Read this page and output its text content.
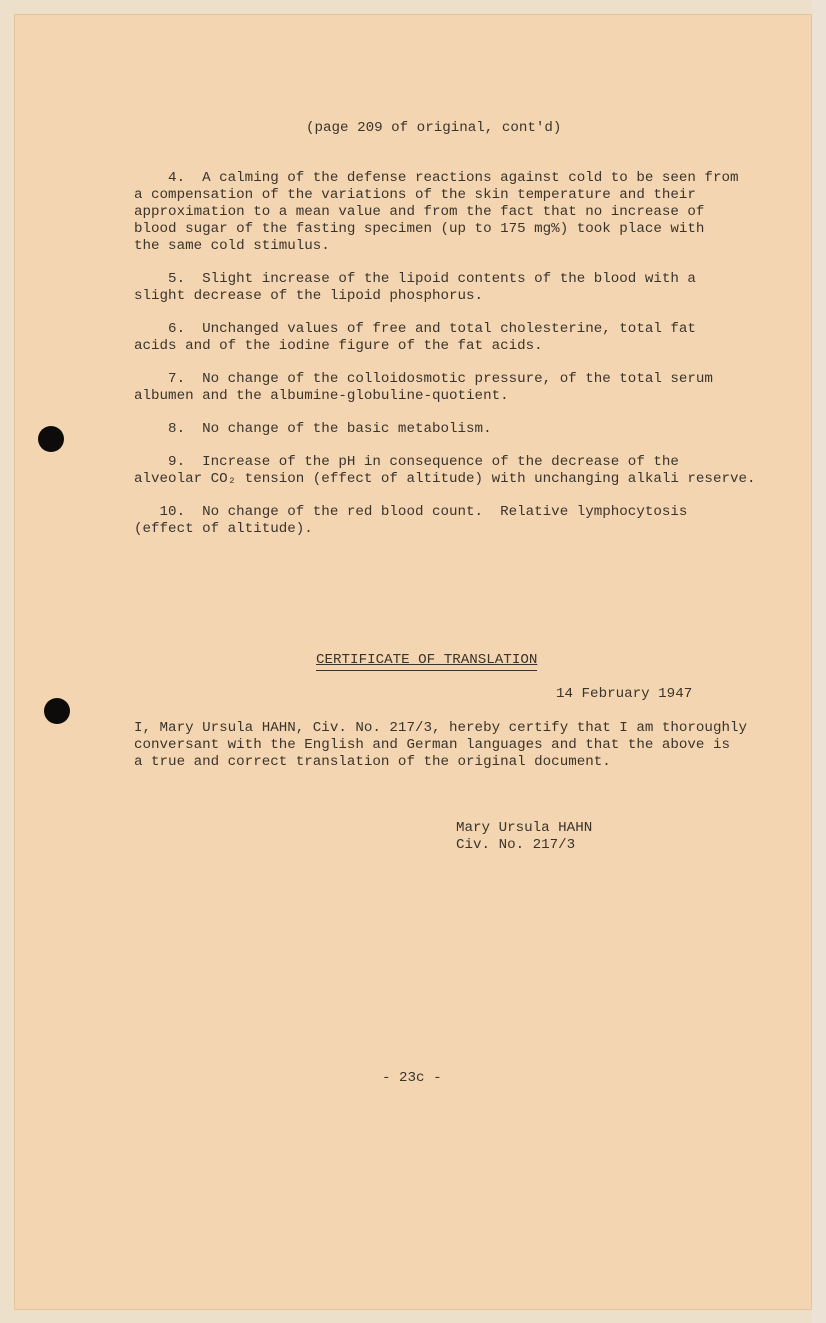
(page 209 of original, cont'd)

4.  A calming of the defense reactions against cold to be seen from
a compensation of the variations of the skin temperature and their
approximation to a mean value and from the fact that no increase of
blood sugar of the fasting specimen (up to 175 mg%) took place with
the same cold stimulus.

5.  Slight increase of the lipoid contents of the blood with a
slight decrease of the lipoid phosphorus.

6.  Unchanged values of free and total cholesterine, total fat
acids and of the iodine figure of the fat acids.

7.  No change of the colloidosmotic pressure, of the total serum
albumen and the albumine-globuline-quotient.

8.  No change of the basic metabolism.

9.  Increase of the pH in consequence of the decrease of the
alveolar CO₂ tension (effect of altitude) with unchanging alkali reserve.

10.  No change of the red blood count.  Relative lymphocytosis
(effect of altitude).

CERTIFICATE OF TRANSLATION

14 February 1947

I, Mary Ursula HAHN, Civ. No. 217/3, hereby certify that I am thoroughly
conversant with the English and German languages and that the above is
a true and correct translation of the original document.

Mary Ursula HAHN

Civ. No. 217/3

- 23c -
